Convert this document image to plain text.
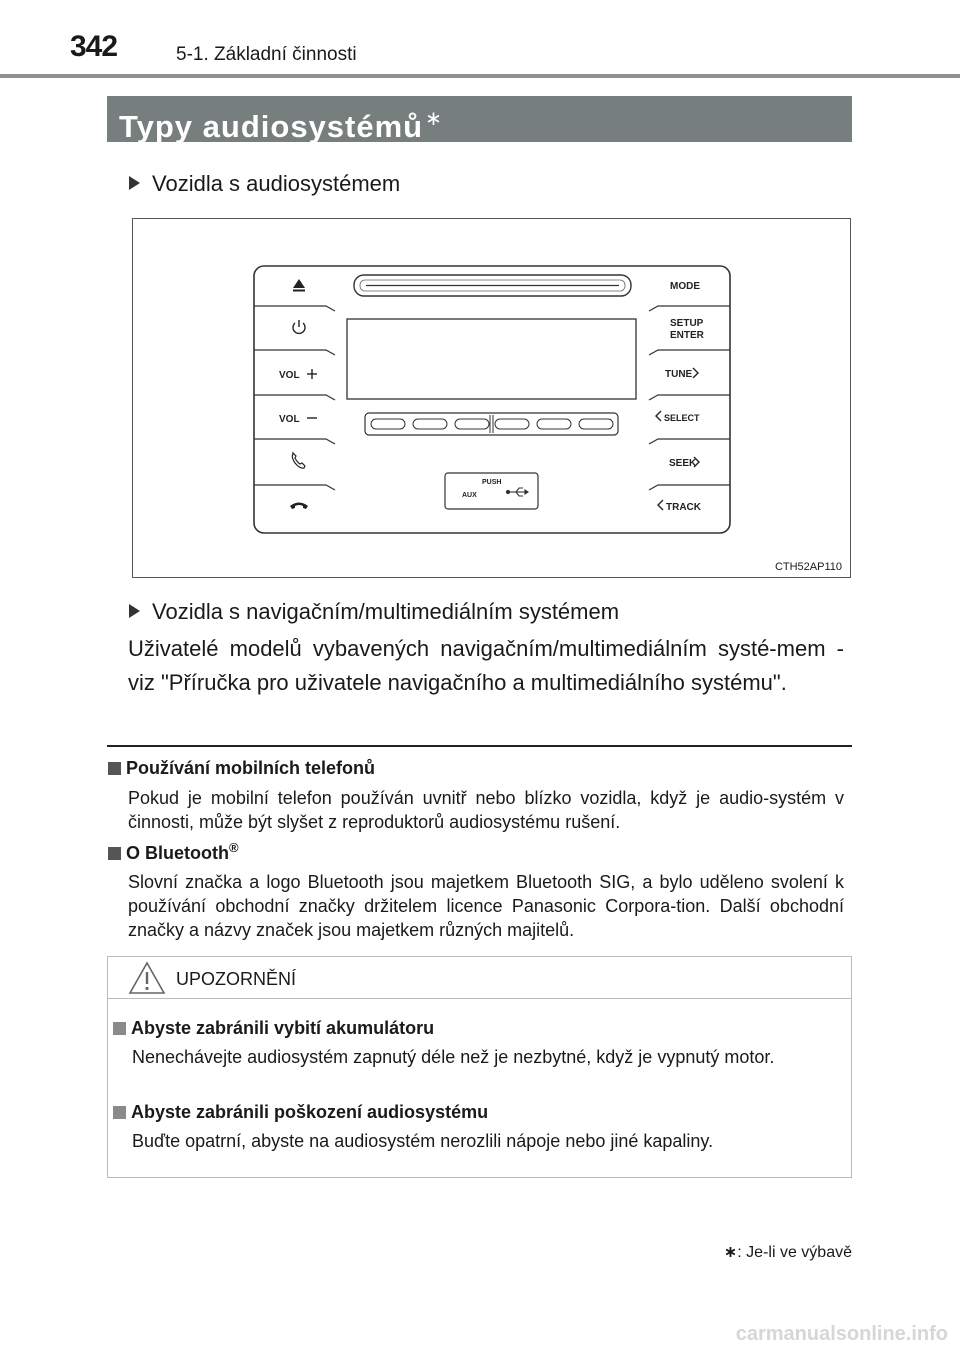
342	5-1. Základní činnosti
Typy audiosystémů ∗
Vozidla s audiosystémem
PUSH
AUX
VOL
VOL
MODE
SETUP
ENTER
TUNE
SELECT
SEEK
TRACK
CTH52AP110
Vozidla s navigačním/multimediálním systémem
Uživatelé modelů vybavených navigačním/multimediálním systé-mem - viz "Příručka pro uživatele navigačního a multimediálního systému".
Používání mobilních telefonů
Pokud je mobilní telefon používán uvnitř nebo blízko vozidla, když je audio-systém v činnosti, může být slyšet z reproduktorů audiosystému rušení.
O Bluetooth®
Slovní značka a logo Bluetooth jsou majetkem Bluetooth SIG, a bylo uděleno svolení k používání obchodní značky držitelem licence Panasonic Corpora-tion. Další obchodní značky a názvy značek jsou majetkem různých majitelů.
UPOZORNĚNÍ
Abyste zabránili vybití akumulátoru
Nenechávejte audiosystém zapnutý déle než je nezbytné, když je vypnutý motor.
Abyste zabránili poškození audiosystému
Buďte opatrní, abyste na audiosystém nerozlili nápoje nebo jiné kapaliny.
∗: Je-li ve výbavě
carmanualsonline.info
